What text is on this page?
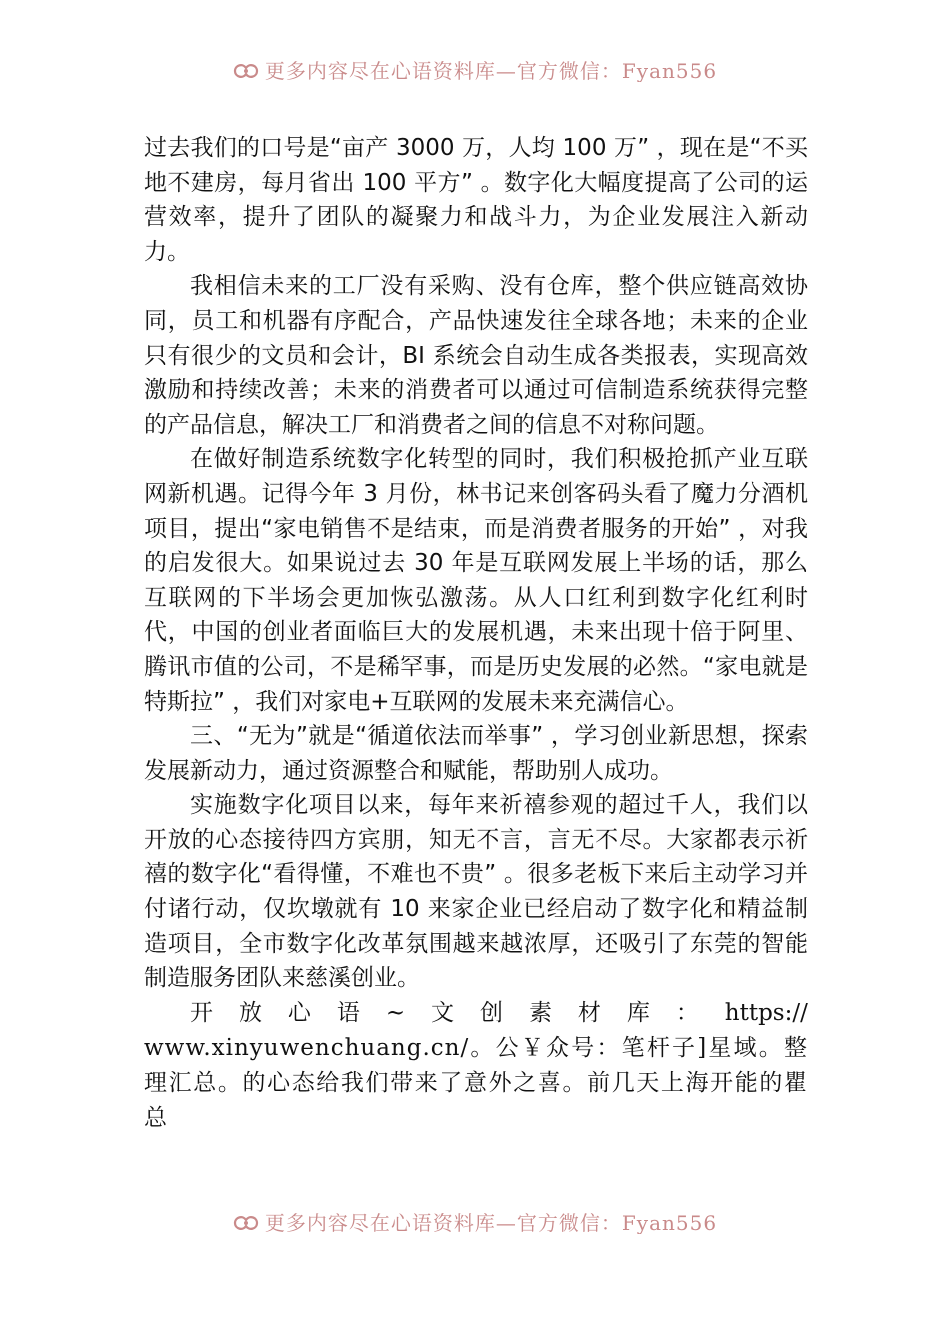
更多内容尽在心语资料库—官方微信：Fyan556

过去我们的口号是“亩产 3000 万，人均 100 万” ，现在是“不买地不建房，每月省出 100 平方” 。数字化大幅度提高了公司的运营效率，提升了团队的凝聚力和战斗力，为企业发展注入新动力。

我相信未来的工厂没有采购、没有仓库，整个供应链高效协同，员工和机器有序配合，产品快速发往全球各地；未来的企业只有很少的文员和会计，BI 系统会自动生成各类报表，实现高效激励和持续改善；未来的消费者可以通过可信制造系统获得完整的产品信息，解决工厂和消费者之间的信息不对称问题。

在做好制造系统数字化转型的同时，我们积极抢抓产业互联网新机遇。记得今年 3 月份，林书记来创客码头看了魔力分酒机项目，提出“家电销售不是结束，而是消费者服务的开始” ，对我的启发很大。如果说过去 30 年是互联网发展上半场的话，那么互联网的下半场会更加恢弘激荡。从人口红利到数字化红利时代，中国的创业者面临巨大的发展机遇，未来出现十倍于阿里、腾讯市值的公司，不是稀罕事，而是历史发展的必然。“家电就是特斯拉” ，我们对家电+互联网的发展未来充满信心。

三、“无为”就是“循道依法而举事” ，学习创业新思想，探索发展新动力，通过资源整合和赋能，帮助别人成功。

实施数字化项目以来，每年来祈禧参观的超过千人，我们以开放的心态接待四方宾朋，知无不言，言无不尽。大家都表示祈禧的数字化“看得懂，不难也不贵” 。很多老板下来后主动学习并付诸行动，仅坎墩就有 10 来家企业已经启动了数字化和精益制造项目，全市数字化改革氛围越来越浓厚，还吸引了东莞的智能制造服务团队来慈溪创业。

开 放 心 语 ~ 文 创 素 材 库 ： https://

www.xinyuwenchuang.cn/。公￥众号：笔杆子]星域。整理汇总。的心态给我们带来了意外之喜。前几天上海开能的瞿总

更多内容尽在心语资料库—官方微信：Fyan556
